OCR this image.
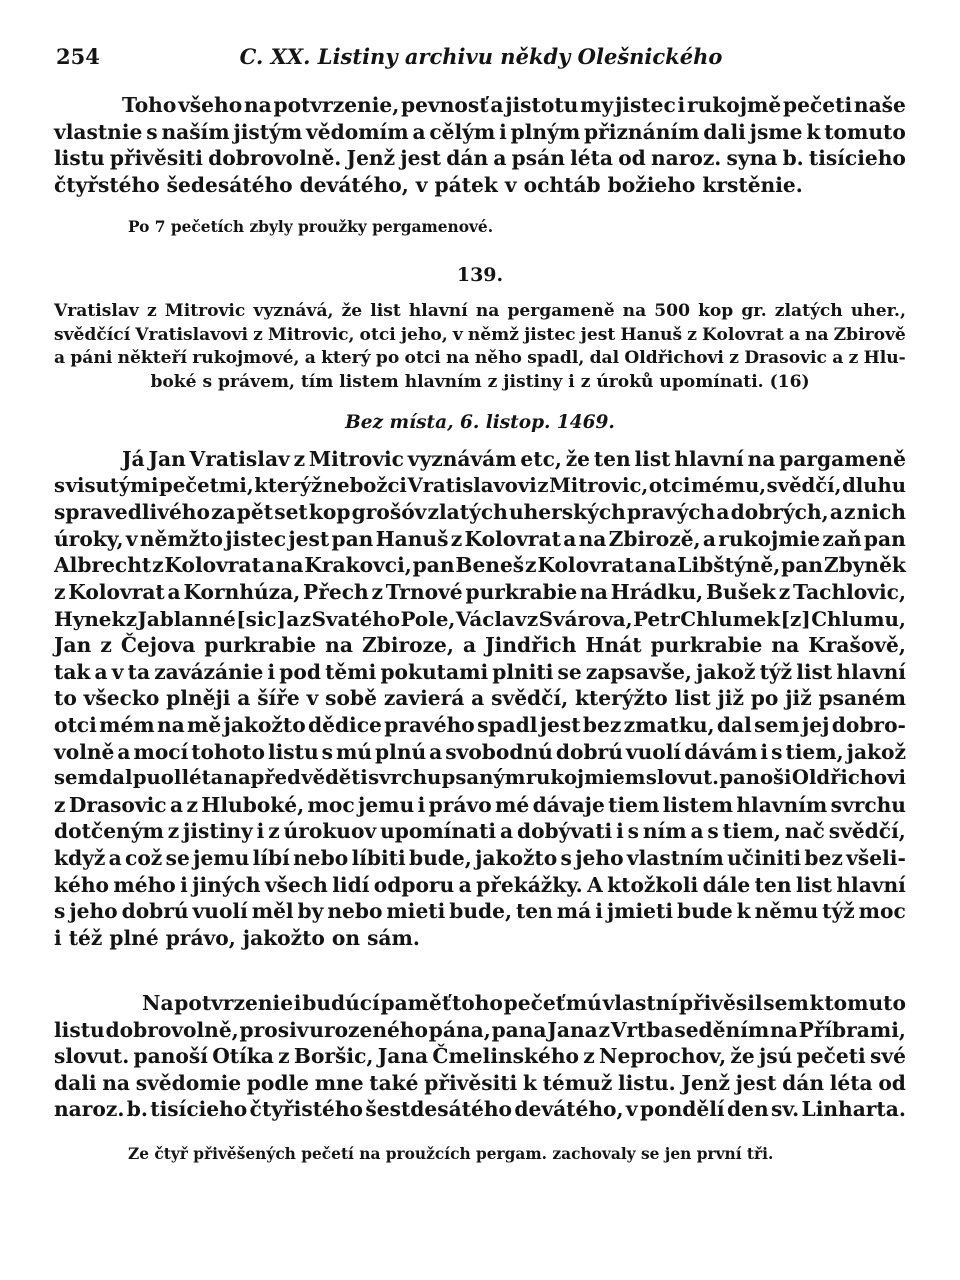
254	C. XX. Listiny archivu někdy Olešnického

Toho všeho na potvrzenie, pevnosť a jistotu my jistec i rukojmě pečeti naše
vlastnie s naším jistým vědomím a cělým i plným přiznáním dali jsme k tomuto
listu přivěsiti dobrovolně. Jenž jest dán a psán léta od naroz. syna b. tisícieho
čtyřstého šedesátého devátého, v pátek v ochtáb božieho krstěnie.

Po 7 pečetích zbyly proužky pergamenové.

139.

Vratislav z Mitrovic vyznává, že list hlavní na pergameně na 500 kop gr. zlatých uher.,
svědčící Vratislavovi z Mitrovic, otci jeho, v němž jistec jest Hanuš z Kolovrat a na Zbirově
a páni někteří rukojmové, a který po otci na něho spadl, dal Oldřichovi z Drasovic a z Hlu-
boké s právem, tím listem hlavním z jistiny i z úroků upomínati. (16)

Bez místa, 6. listop. 1469.

Já Jan Vratislav z Mitrovic vyznávám etc, že ten list hlavní na pargameně
s visutými pečetmi, kterýž nebožci Vratislavovi z Mitrovic, otci mému, svědčí, dluhu
spravedlivého za pět set kop grošóv zlatých uherských pravých a dobrých, a z nich
úroky, v němžto jistec jest pan Hanuš z Kolovrat a na Zbirozě, a rukojmie zaň pan
Albrecht z Kolovrat a na Krakovci, pan Beneš z Kolovrat a na Libštýně, pan Zbyněk
z Kolovrat a Kornhúza, Přech z Trnové purkrabie na Hrádku, Bušek z Tachlovic,
Hynek z Jablanné [sic] a z Svatého Pole, Václav z Svárova, Petr Chlumek [z] Chlumu,
Jan z Čejova purkrabie na Zbiroze, a Jindřich Hnát purkrabie na Krašově,
tak a v ta zavázánie i pod těmi pokutami plniti se zapsavše, jakož týž list hlavní
to všecko plněji a šíře v sobě zavierá a svědčí, kterýžto list již po již psaném
otci mém na mě jakožto dědice pravého spadl jest bez zmatku, dal sem jej dobro-
volně a mocí tohoto listu s mú plnú a svobodnú dobrú vuolí dávám i s tiem, jakož
sem dal puol léta napřed věděti svrchu psaným rukojmiem slovut. panoši Oldřichovi
z Drasovic a z Hluboké, moc jemu i právo mé dávaje tiem listem hlavním svrchu
dotčeným z jistiny i z úrokuov upomínati a dobývati i s ním a s tiem, nač svědčí,
když a což se jemu líbí nebo líbiti bude, jakožto s jeho vlastním učiniti bez všeli-
kého mého i jiných všech lidí odporu a překážky. A ktožkoli dále ten list hlavní
s jeho dobrú vuolí měl by nebo mieti bude, ten má i jmieti bude k němu týž moc
i též plné právo, jakožto on sám.

Na potvrzenie i budúcí paměť toho pečeť mú vlastní přivěsil sem k tomuto
listu dobrovolně, prosiv urozeného pána, pana Jana z Vrtba seděním na Příbrami,
slovut. panoší Otíka z Boršic, Jana Čmelinského z Neprochov, že jsú pečeti své
dali na svědomie podle mne také přivěsiti k témuž listu. Jenž jest dán léta od
naroz. b. tisícieho čtyřistého šestdesátého devátého, v pondělí den sv. Linharta.

Ze čtyř přivěšených pečetí na proužcích pergam. zachovaly se jen první tři.
